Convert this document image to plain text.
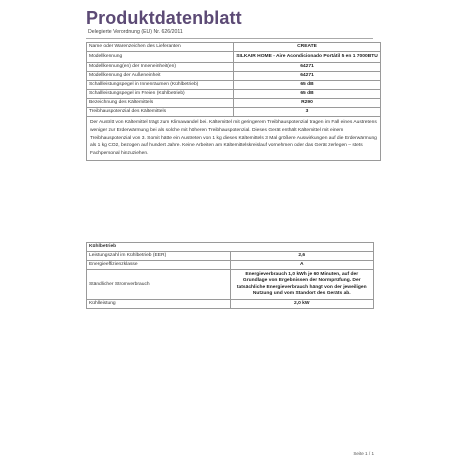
Produktdatenblatt
Delegierte Verordnung (EU) Nr. 626/2011
Name oder Warenzeichen des Lieferanten	CREATE
Modellkennung	SILKAIR HOME - Aire Acondicionado Portátil 5 en 1 7000BTU
Modellkennung(en) der Inneneinheit(en)	64271
Modellkennung der Außeneinheit	64271
Schallleistungspegel in Innenräumen (Kühlbetrieb)	65 dB
Schallleistungspegel im Freien (Kühlbetrieb)	65 dB
Bezeichnung des Kältemittels	R290
Treibhauspotenzial des Kältemittels	3
Der Austritt von Kältemittel trägt zum Klimawandel bei. Kältemittel mit geringerem Treibhauspotenzial tragen im Fall eines Austretens weniger zur Erderwärmung bei als solche mit höheren Treibhauspotenzial. Dieses Gerät enthält Kältemittel mit einem Treibhauspotenzial von 3. Somit hätte ein Austreten von 1 kg dieses Kältemittels 3 Mal größere Auswirkungen auf die Erderwärmung als 1 kg CO2, bezogen auf hundert Jahre. Keine Arbeiten am Kältemittelskreislauf vornehmen oder das Gerät zerlegen – stets Fachpersonal hinzuziehen.	
Kühlbetrieb	
Leistungszahl im Kühlbetrieb (EER)	2,6
Energieeffizienzklasse	A
Ständlicher Stromverbrauch	Energieverbrauch 1,0 kWh je 60 Minuten, auf der Grundlage von Ergebnissen der Normprüfung. Der tatsächliche Energieverbrauch hängt von der jeweiligen Nutzung und vom Standort des Geräts ab.
Kühlleistung	2,0 kW
Seite 1 / 1
